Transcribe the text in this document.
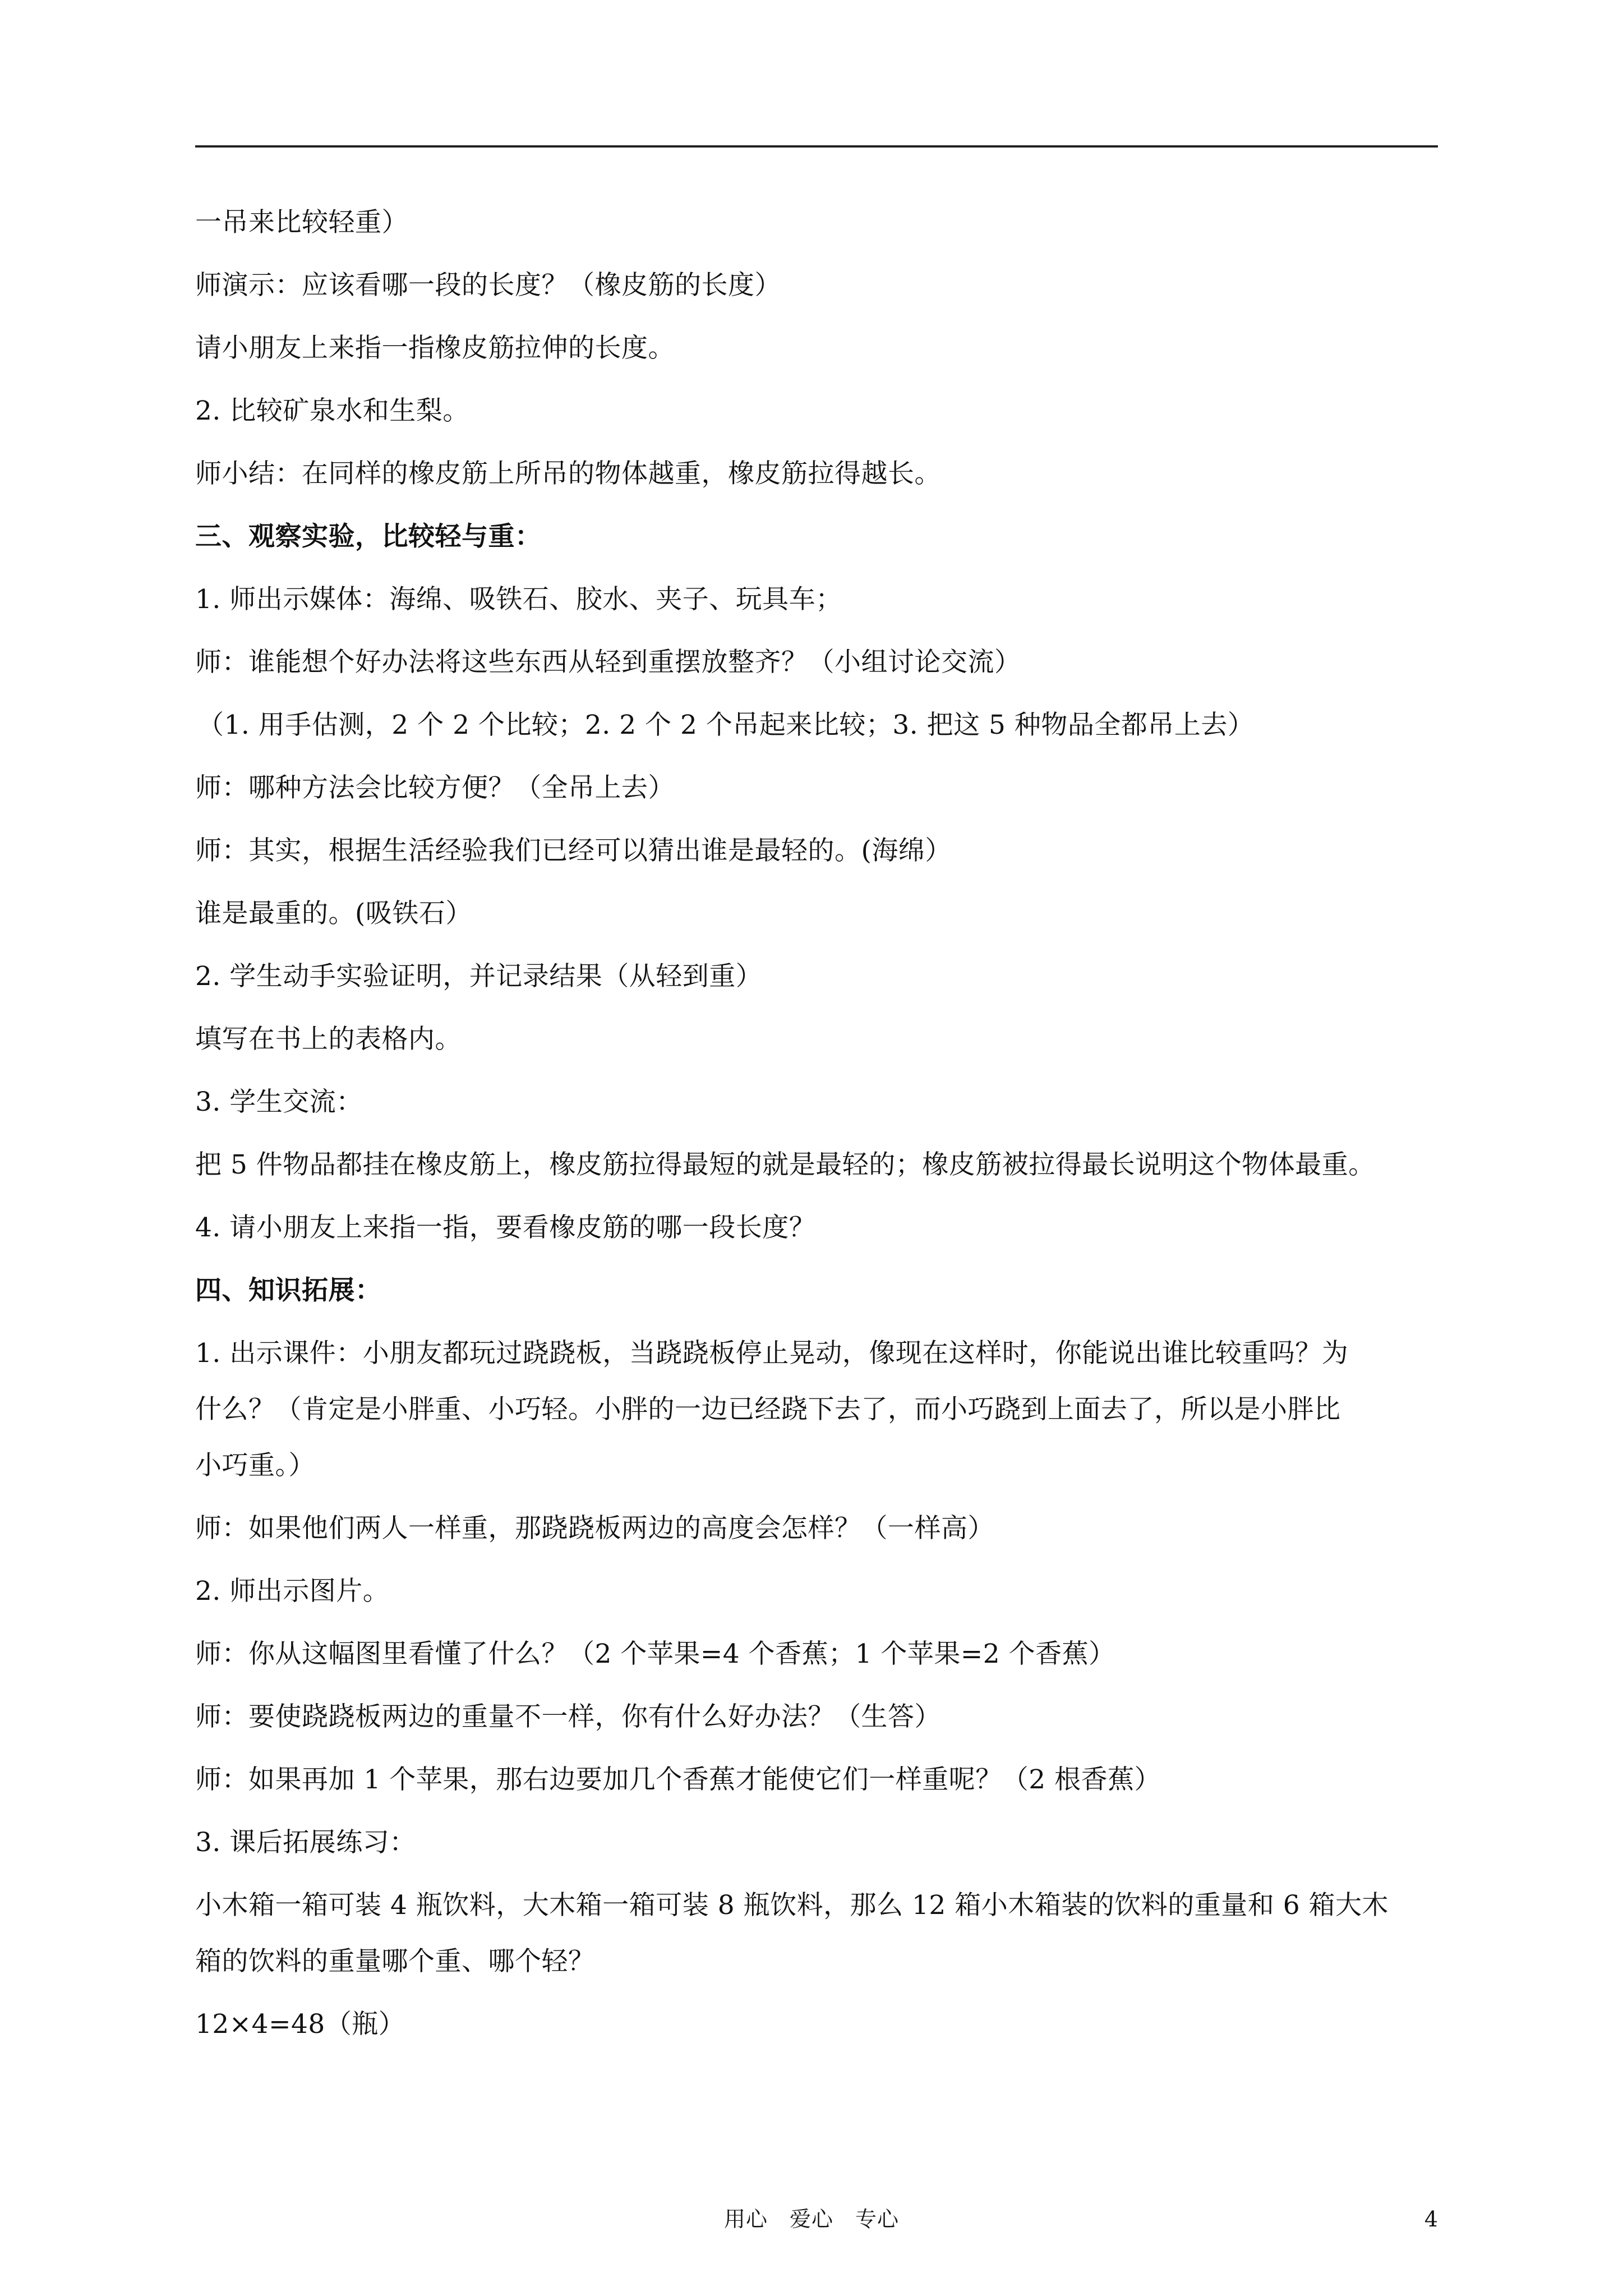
一吊来比较轻重）
师演示：应该看哪一段的长度？（橡皮筋的长度）
请小朋友上来指一指橡皮筋拉伸的长度。
2. 比较矿泉水和生梨。
师小结：在同样的橡皮筋上所吊的物体越重，橡皮筋拉得越长。
三、观察实验，比较轻与重：
1. 师出示媒体：海绵、吸铁石、胶水、夹子、玩具车；
师：谁能想个好办法将这些东西从轻到重摆放整齐？（小组讨论交流）
（1. 用手估测，2 个 2 个比较；2. 2 个 2 个吊起来比较；3. 把这 5 种物品全都吊上去）
师：哪种方法会比较方便？（全吊上去）
师：其实，根据生活经验我们已经可以猜出谁是最轻的。(海绵）
谁是最重的。(吸铁石）
2. 学生动手实验证明，并记录结果（从轻到重）
填写在书上的表格内。
3. 学生交流：
把 5 件物品都挂在橡皮筋上，橡皮筋拉得最短的就是最轻的；橡皮筋被拉得最长说明这个物体最重。
4. 请小朋友上来指一指，要看橡皮筋的哪一段长度？
四、知识拓展：
1. 出示课件：小朋友都玩过跷跷板，当跷跷板停止晃动，像现在这样时，你能说出谁比较重吗？为
什么？（肯定是小胖重、小巧轻。小胖的一边已经跷下去了，而小巧跷到上面去了，所以是小胖比
小巧重。）
师：如果他们两人一样重，那跷跷板两边的高度会怎样？（一样高）
2. 师出示图片。
师：你从这幅图里看懂了什么？（2 个苹果=4 个香蕉；1 个苹果=2 个香蕉）
师：要使跷跷板两边的重量不一样，你有什么好办法？（生答）
师：如果再加 1 个苹果，那右边要加几个香蕉才能使它们一样重呢？（2 根香蕉）
3. 课后拓展练习：
小木箱一箱可装 4 瓶饮料，大木箱一箱可装 8 瓶饮料，那么 12 箱小木箱装的饮料的重量和 6 箱大木
箱的饮料的重量哪个重、哪个轻？
12×4=48（瓶）
用心　爱心　专心	4
